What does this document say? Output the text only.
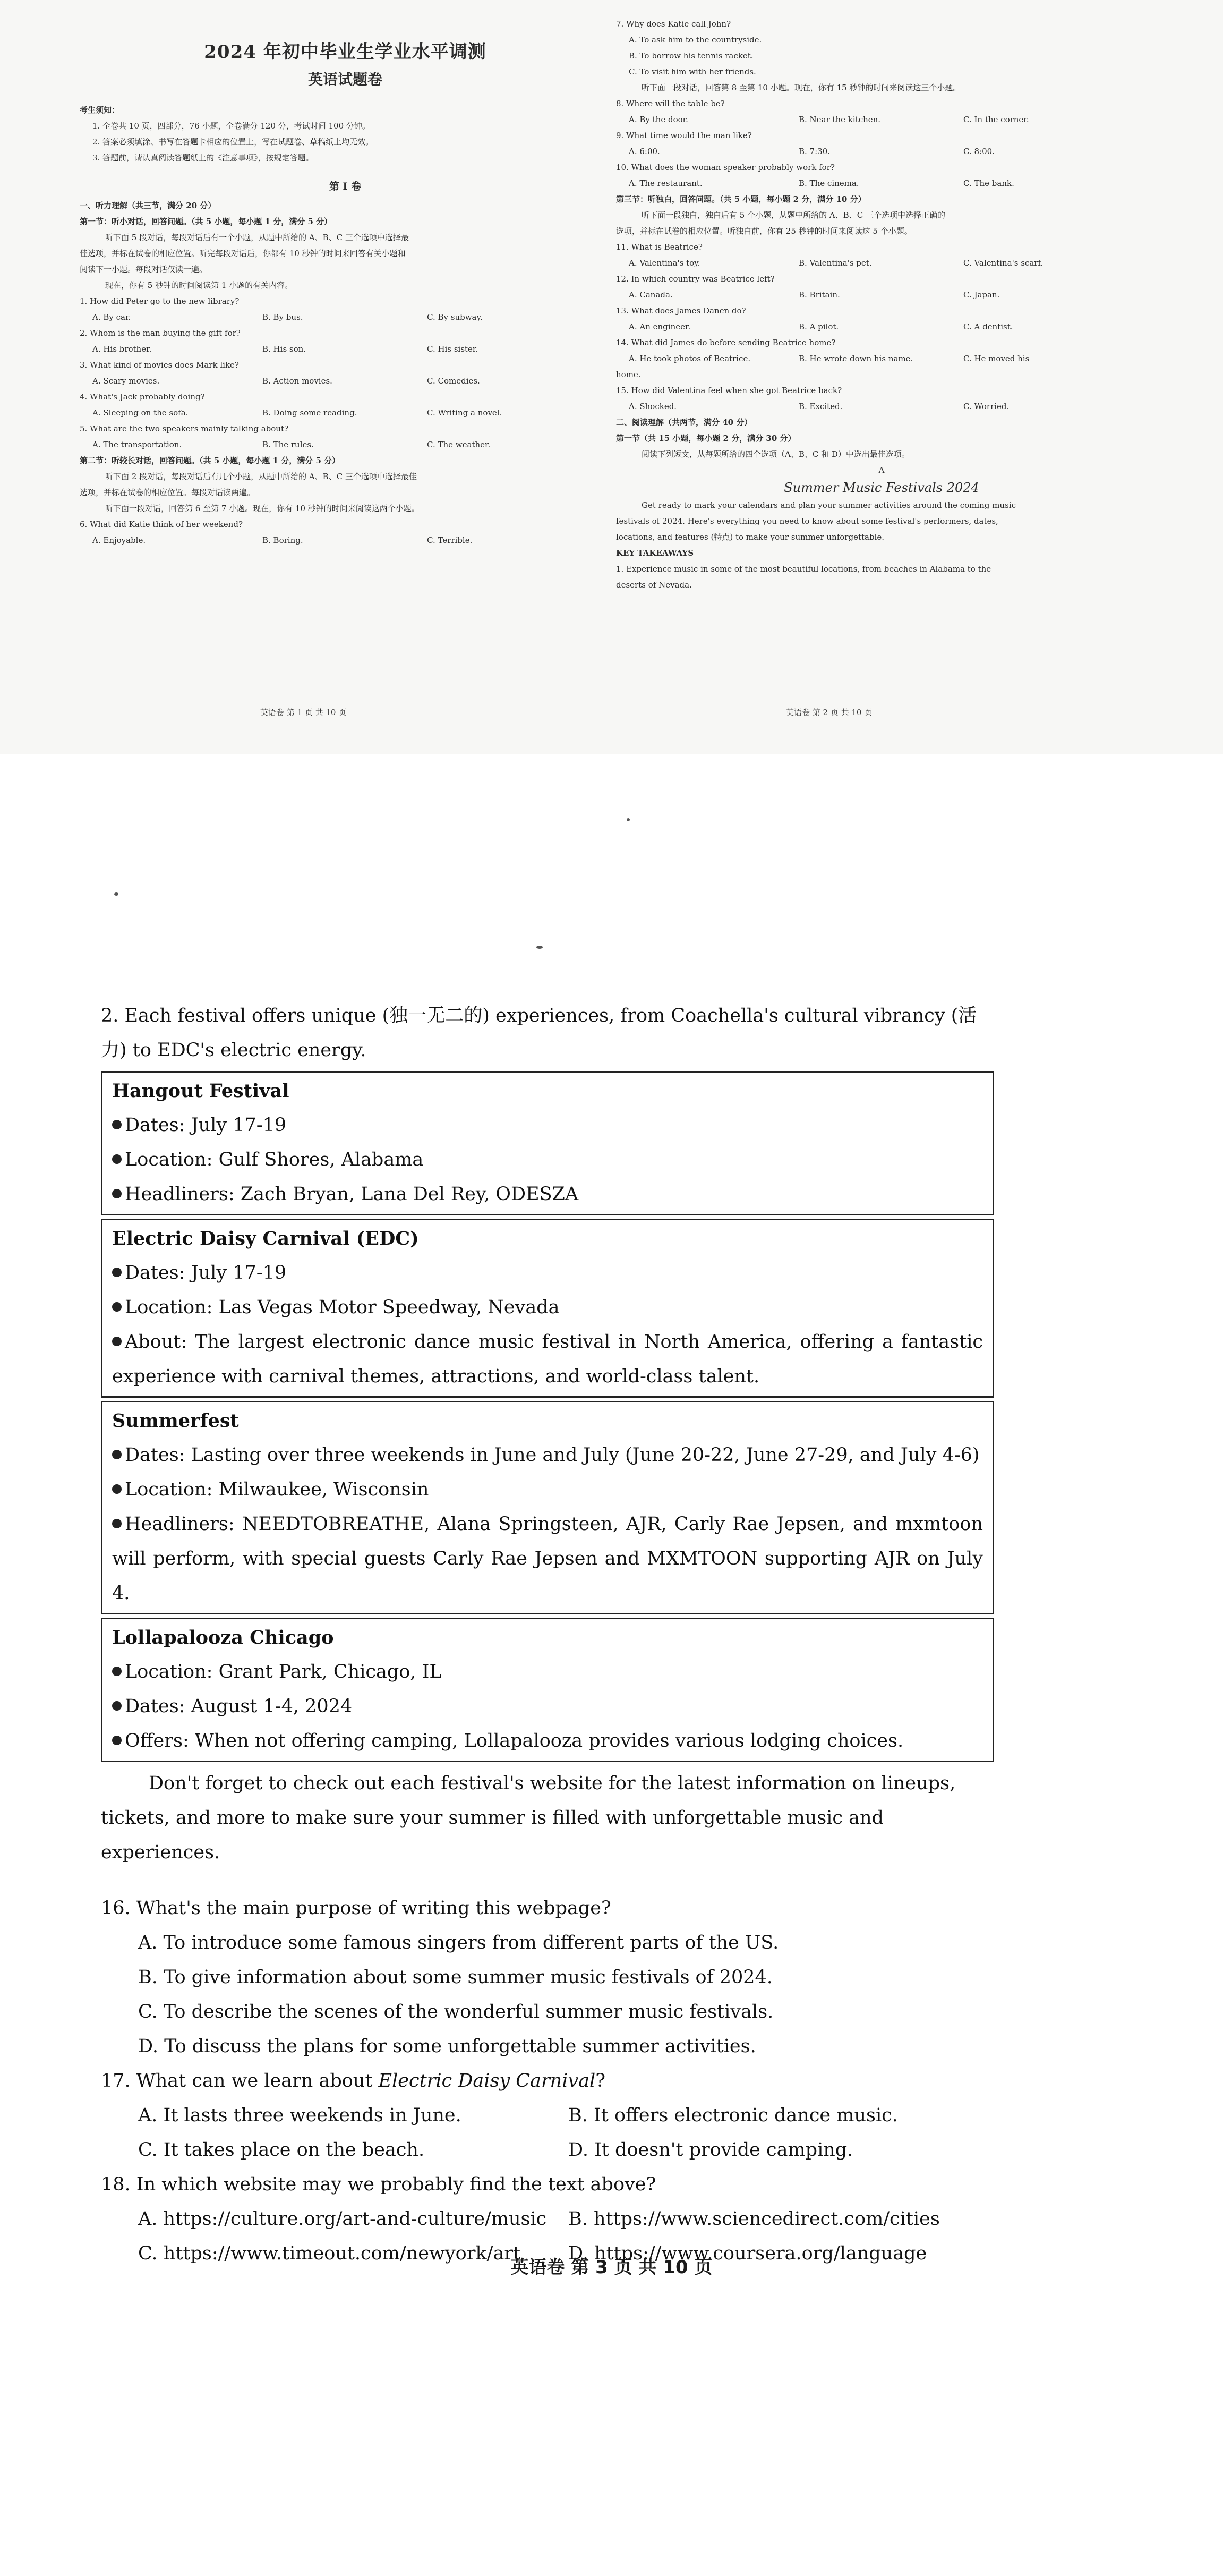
2024 年初中毕业生学业水平调测
英语试题卷
考生须知：
1. 全卷共 10 页，四部分，76 小题，全卷满分 120 分，考试时间 100 分钟。
2. 答案必须填涂、书写在答题卡相应的位置上，写在试题卷、草稿纸上均无效。
3. 答题前，请认真阅读答题纸上的《注意事项》，按规定答题。
第 I 卷
一、听力理解（共三节，满分 20 分）
第一节：听小对话，回答问题。（共 5 小题，每小题 1 分，满分 5 分）
听下面 5 段对话，每段对话后有一个小题，从题中所给的 A、B、C 三个选项中选择最
佳选项，并标在试卷的相应位置。听完每段对话后，你都有 10 秒钟的时间来回答有关小题和
阅读下一小题。每段对话仅读一遍。
现在，你有 5 秒钟的时间阅读第 1 小题的有关内容。
1. How did Peter go to the new library?
A. By car.	B. By bus.	C. By subway.
2. Whom is the man buying the gift for?
A. His brother.	B. His son.	C. His sister.
3. What kind of movies does Mark like?
A. Scary movies.	B. Action movies.	C. Comedies.
4. What's Jack probably doing?
A. Sleeping on the sofa.	B. Doing some reading.	C. Writing a novel.
5. What are the two speakers mainly talking about?
A. The transportation.	B. The rules.	C. The weather.
第二节：听较长对话，回答问题。（共 5 小题，每小题 1 分，满分 5 分）
听下面 2 段对话，每段对话后有几个小题，从题中所给的 A、B、C 三个选项中选择最佳
选项，并标在试卷的相应位置。每段对话读两遍。
听下面一段对话，回答第 6 至第 7 小题。现在，你有 10 秒钟的时间来阅读这两个小题。
6. What did Katie think of her weekend?
A. Enjoyable.	B. Boring.	C. Terrible.
英语卷 第 1 页 共 10 页
7. Why does Katie call John?
A. To ask him to the countryside.
B. To borrow his tennis racket.
C. To visit him with her friends.
听下面一段对话，回答第 8 至第 10 小题。现在，你有 15 秒钟的时间来阅读这三个小题。
8. Where will the table be?
A. By the door.	B. Near the kitchen.	C. In the corner.
9. What time would the man like?
A. 6:00.	B. 7:30.	C. 8:00.
10. What does the woman speaker probably work for?
A. The restaurant.	B. The cinema.	C. The bank.
第三节：听独白，回答问题。（共 5 小题，每小题 2 分，满分 10 分）
听下面一段独白，独白后有 5 个小题，从题中所给的 A、B、C 三个选项中选择正确的
选项，并标在试卷的相应位置。听独白前，你有 25 秒钟的时间来阅读这 5 个小题。
11. What is Beatrice?
A. Valentina's toy.	B. Valentina's pet.	C. Valentina's scarf.
12. In which country was Beatrice left?
A. Canada.	B. Britain.	C. Japan.
13. What does James Danen do?
A. An engineer.	B. A pilot.	C. A dentist.
14. What did James do before sending Beatrice home?
A. He took photos of Beatrice.	B. He wrote down his name.	C. He moved his
home.
15. How did Valentina feel when she got Beatrice back?
A. Shocked.	B. Excited.	C. Worried.
二、阅读理解（共两节，满分 40 分）
第一节（共 15 小题，每小题 2 分，满分 30 分）
阅读下列短文，从每题所给的四个选项（A、B、C 和 D）中选出最佳选项。
A
Summer Music Festivals 2024
Get ready to mark your calendars and plan your summer activities around the coming music
festivals of 2024. Here's everything you need to know about some festival's performers, dates,
locations, and features (特点) to make your summer unforgettable.
KEY TAKEAWAYS
1. Experience music in some of the most beautiful locations, from beaches in Alabama to the
deserts of Nevada.
英语卷 第 2 页 共 10 页
2. Each festival offers unique (独一无二的) experiences, from Coachella's cultural vibrancy (活
力) to EDC's electric energy.
Hangout Festival
Dates: July 17-19
Location: Gulf Shores, Alabama
Headliners: Zach Bryan, Lana Del Rey, ODESZA
Electric Daisy Carnival (EDC)
Dates: July 17-19
Location: Las Vegas Motor Speedway, Nevada
About: The largest electronic dance music festival in North America, offering a fantastic experience with carnival themes, attractions, and world-class talent.
Summerfest
Dates: Lasting over three weekends in June and July (June 20-22, June 27-29, and July 4-6)
Location: Milwaukee, Wisconsin
Headliners: NEEDTOBREATHE, Alana Springsteen, AJR, Carly Rae Jepsen, and mxmtoon will perform, with special guests Carly Rae Jepsen and MXMTOON supporting AJR on July 4.
Lollapalooza Chicago
Location: Grant Park, Chicago, IL
Dates: August 1-4, 2024
Offers: When not offering camping, Lollapalooza provides various lodging choices.
Don't forget to check out each festival's website for the latest information on lineups, tickets, and more to make sure your summer is filled with unforgettable music and experiences.
16. What's the main purpose of writing this webpage?
A. To introduce some famous singers from different parts of the US.
B. To give information about some summer music festivals of 2024.
C. To describe the scenes of the wonderful summer music festivals.
D. To discuss the plans for some unforgettable summer activities.
17. What can we learn about Electric Daisy Carnival?
A. It lasts three weekends in June.	B. It offers electronic dance music.
C. It takes place on the beach.	D. It doesn't provide camping.
18. In which website may we probably find the text above?
A. https://culture.org/art-and-culture/music	B. https://www.sciencedirect.com/cities
C. https://www.timeout.com/newyork/art	D. https://www.coursera.org/language
英语卷 第 3 页 共 10 页
